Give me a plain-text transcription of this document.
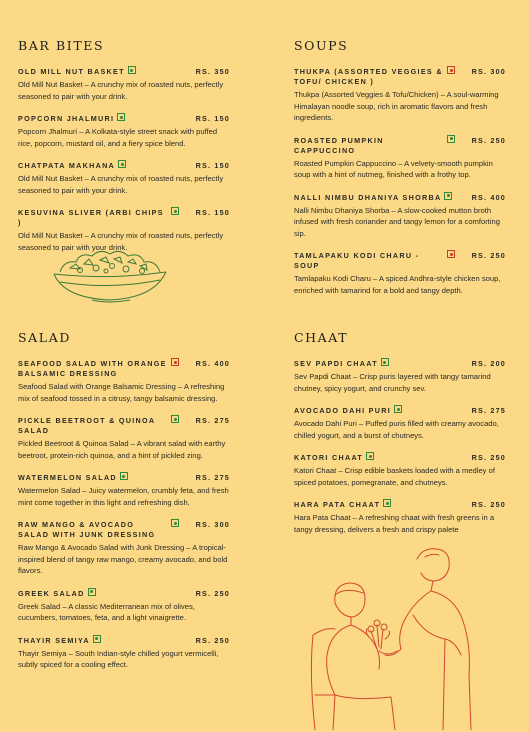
BAR BITES
OLD MILL NUT BASKET	RS. 350
Old Mill Nut Basket – A crunchy mix of roasted nuts, perfectly seasoned to pair with your drink.
POPCORN JHALMURI	RS. 150
Popcorn Jhalmuri – A Kolkata-style street snack with puffed rice, popcorn, mustard oil, and a fiery spice blend.
CHATPATA MAKHANA	RS. 150
Old Mill Nut Basket – A crunchy mix of roasted nuts, perfectly seasoned to pair with your drink.
KESUVINA SLIVER (ARBI CHIPS )
RS. 150
Old Mill Nut Basket – A crunchy mix of roasted nuts, perfectly seasoned to pair with your drink.
SOUPS
THUKPA (ASSORTED VEGGIES & TOFU/ CHICKEN )
RS. 300
Thukpa (Assorted Veggies & Tofu/Chicken) – A soul-warming Himalayan noodle soup, rich in aromatic flavors and fresh ingredients.
ROASTED PUMPKIN CAPPUCCINO
RS. 250
Roasted Pumpkin Cappuccino – A velvety-smooth pumpkin soup with a hint of nutmeg, finished with a frothy top.
NALLI NIMBU DHANIYA SHORBA	RS. 400
Nalli Nimbu Dhaniya Shorba – A slow-cooked mutton broth infused with fresh coriander and tangy lemon for a comforting sip.
TAMLAPAKU KODI CHARU - SOUP
RS. 250
Tamlapaku Kodi Charu – A spiced Andhra-style chicken soup, enriched with tamarind for a bold and tangy depth.
SALAD
SEAFOOD SALAD WITH ORANGE BALSAMIC DRESSING
RS. 400
Seafood Salad with Orange Balsamic Dressing – A refreshing mix of seafood tossed in a citrusy, tangy balsamic dressing.
PICKLE BEETROOT & QUINOA SALAD
RS. 275
Pickled Beetroot & Quinoa Salad – A vibrant salad with earthy beetroot, protein-rich quinoa, and a hint of pickled zing.
WATERMELON SALAD	RS. 275
Watermelon Salad – Juicy watermelon, crumbly feta, and fresh mint come together in this light and refreshing dish.
RAW MANGO & AVOCADO SALAD WITH JUNK DRESSING
RS. 300
Raw Mango & Avocado Salad with Junk Dressing – A tropical-inspired blend of tangy raw mango, creamy avocado, and bold flavors.
GREEK SALAD	RS. 250
Greek Salad – A classic Mediterranean mix of olives, cucumbers, tomatoes, feta, and a light vinaigrette.
THAYIR SEMIYA	RS. 250
Thayir Semiya – South Indian-style chilled yogurt vermicelli, subtly spiced for a cooling effect.
CHAAT
SEV PAPDI CHAAT	RS. 200
Sev Papdi Chaat – Crisp puris layered with tangy tamarind chutney, spicy yogurt, and crunchy sev.
AVOCADO DAHI PURI	RS. 275
Avocado Dahi Puri – Puffed puris filled with creamy avocado, chilled yogurt, and a burst of chutneys.
KATORI CHAAT	RS. 250
Katori Chaat – Crisp edible baskets loaded with a medley of spiced potatoes, pomegranate, and chutneys.
HARA PATA CHAAT	RS. 250
Hara Pata Chaat – A refreshing chaat with fresh greens in a tangy dressing, delivers a fresh and crispy palete
